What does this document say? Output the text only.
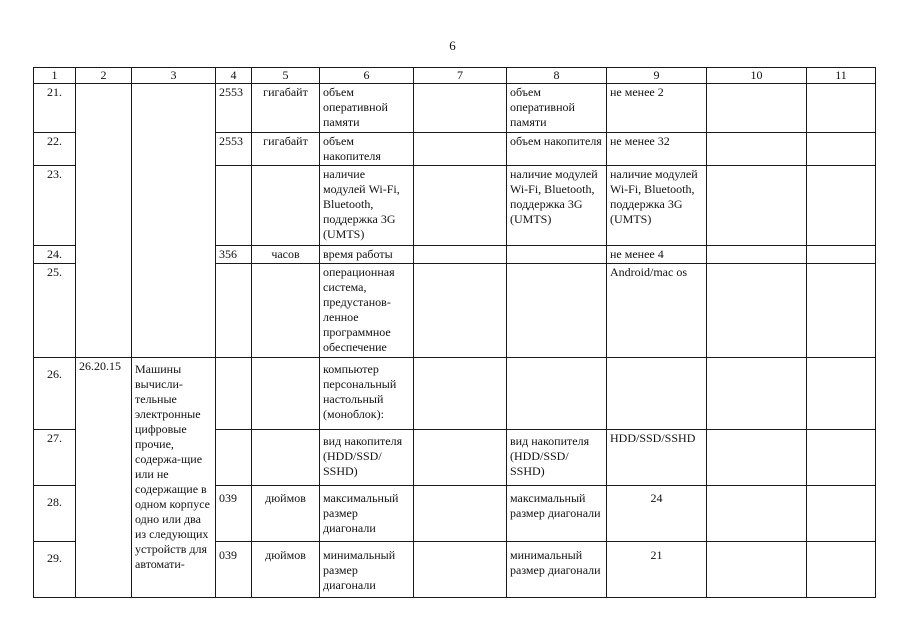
6
1	2	3	4	5	6	7	8	9	10	11
21.			2553	гигабайт	объем оперативной памяти		объем оперативной памяти	не менее 2		
22.			2553	гигабайт	объем накопителя		объем накопителя	не менее 32		
23.					наличие модулей Wi-Fi, Bluetooth, поддержка 3G (UMTS)		наличие модулей Wi-Fi, Bluetooth, поддержка 3G (UMTS)	наличие модулей Wi-Fi, Bluetooth, поддержка 3G (UMTS)		
24.			356	часов	время работы			не менее 4		
25.					операционная система, предустанов-ленное программное обеспечение			Android/mac os		
26.	26.20.15	Машины вычисли-тельные электронные цифровые прочие, содержа-щие или не содержащие в одном корпусе одно или два из следующих устройств для автомати-			компьютер персональный настольный (моноблок):					
27.					вид накопителя (HDD/SSD/ SSHD)		вид накопителя (HDD/SSD/ SSHD)	HDD/SSD/SSHD		
28.			039	дюймов	максимальный размер диагонали		максимальный размер диагонали	24		
29.			039	дюймов	минимальный размер диагонали		минимальный размер диагонали	21		
